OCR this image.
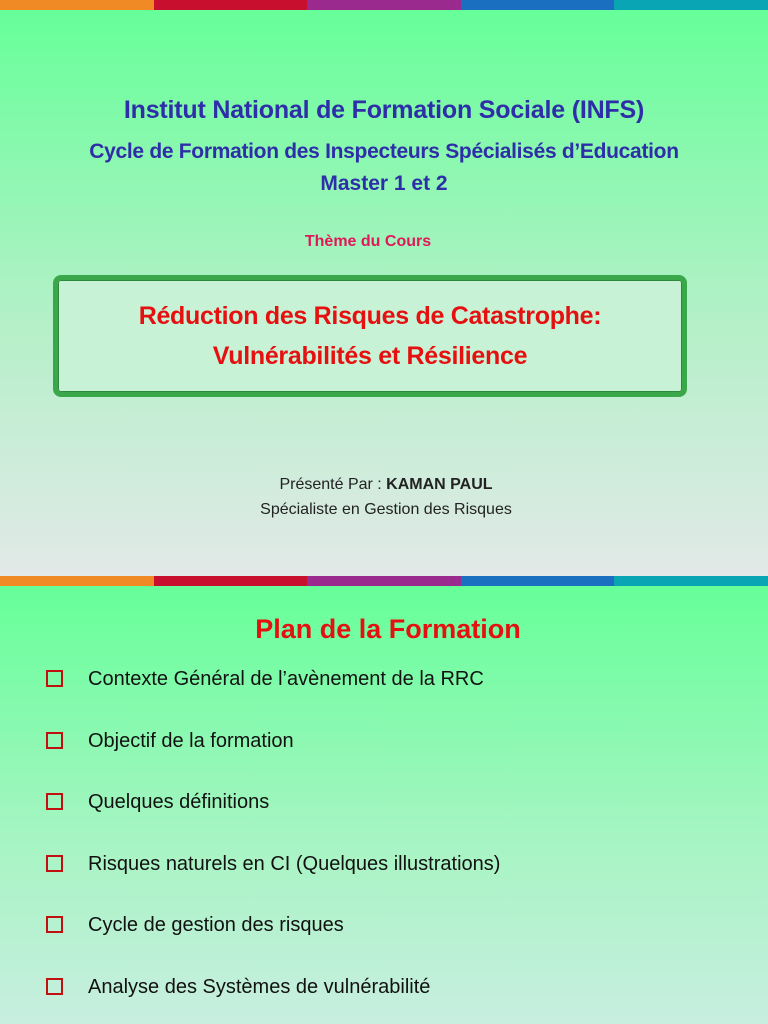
Institut National de Formation Sociale (INFS)
Cycle de Formation des Inspecteurs Spécialisés d’Education
Master 1 et 2
Thème du Cours
Réduction des Risques de Catastrophe:
Vulnérabilités et Résilience
Présenté Par : KAMAN PAUL
Spécialiste en Gestion des Risques
Plan de la Formation
Contexte Général de l’avènement de la RRC
Objectif de la formation
Quelques définitions
Risques naturels en CI (Quelques illustrations)
Cycle de gestion des risques
Analyse des Systèmes de vulnérabilité
